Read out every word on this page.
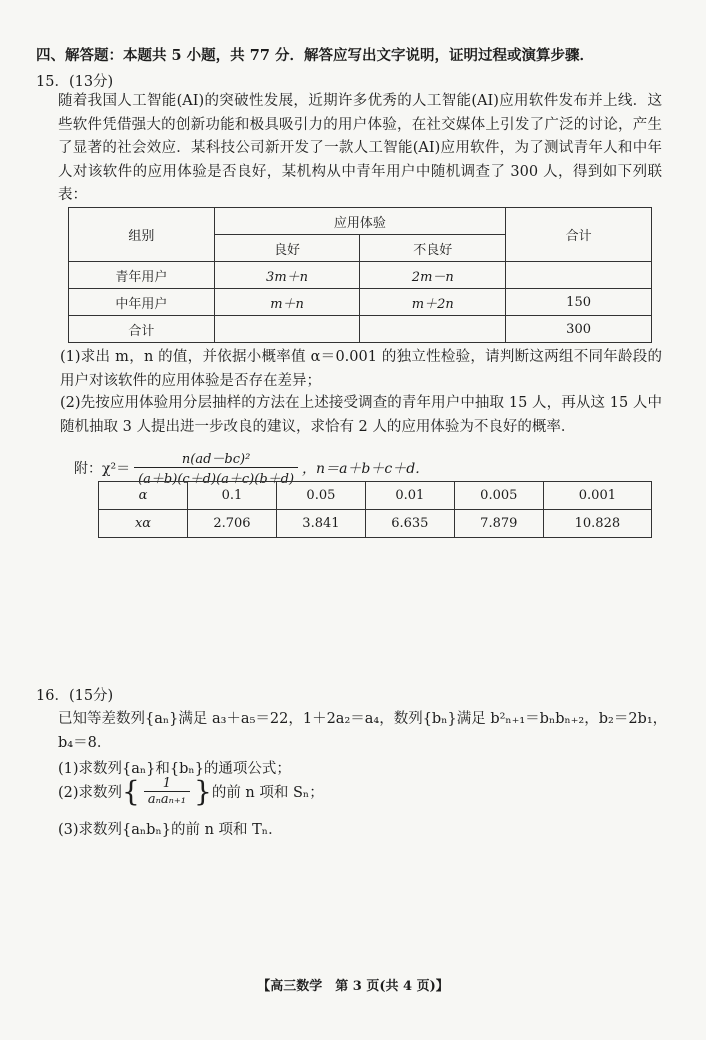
四、解答题：本题共 5 小题，共 77 分．解答应写出文字说明，证明过程或演算步骤．
15．(13分)
随着我国人工智能(AI)的突破性发展，近期许多优秀的人工智能(AI)应用软件发布并上线．这些软件凭借强大的创新功能和极具吸引力的用户体验，在社交媒体上引发了广泛的讨论，产生了显著的社会效应．某科技公司新开发了一款人工智能(AI)应用软件，为了测试青年人和中年人对该软件的应用体验是否良好，某机构从中青年用户中随机调查了 300 人，得到如下列联表：
组别	应用体验		合计
	良好	不良好	
青年用户	3m＋n	2m－n	
中年用户	m＋n	m＋2n	150
合计			300
(1)求出 m，n 的值，并依据小概率值 α＝0.001 的独立性检验，请判断这两组不同年龄段的用户对该软件的应用体验是否存在差异；
(2)先按应用体验用分层抽样的方法在上述接受调查的青年用户中抽取 15 人，再从这 15 人中随机抽取 3 人提出进一步改良的建议，求恰有 2 人的应用体验为不良好的概率．
附：$\chi^2= \frac{\text{n(ad－bc)²}}{(a+b)(c+d)(a+c)(b+d)}$ ，n＝a＋b＋c＋d．
α	0.1	0.05	0.01	0.005	0.001
xα	2.706	3.841	6.635	7.879	10.828
16．(15分)
已知等差数列{aₙ}满足 a₃＋a₅＝22，1＋2a₂＝a₄，数列{bₙ}满足 b²ₙ₊₁＝bₙbₙ₊₂，b₂＝2b₁，
b₄＝8．
(1)求数列{aₙ}和{bₙ}的通项公式；
(2)求数列 { $\frac{1}{\text{aₙaₙ₊₁}}$ } 的前 n 项和 Sₙ；
(3)求数列{aₙbₙ}的前 n 项和 Tₙ．
【高三数学　第 3 页(共 4 页)】
